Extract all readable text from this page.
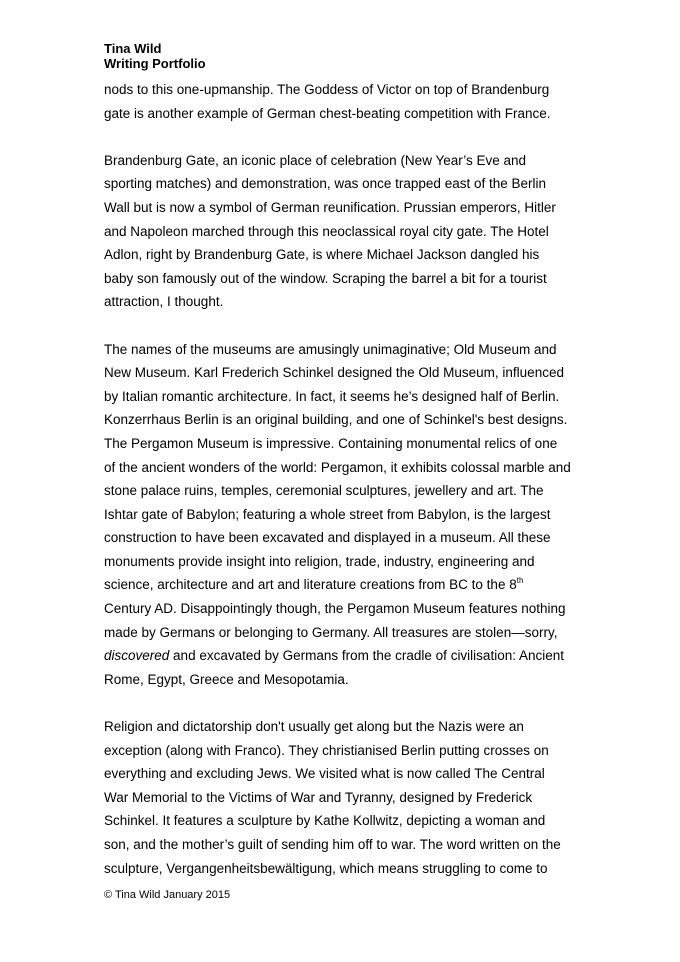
Tina Wild
Writing Portfolio
nods to this one-upmanship. The Goddess of Victor on top of Brandenburg
gate is another example of German chest-beating competition with France.
Brandenburg Gate, an iconic place of celebration (New Year’s Eve and
sporting matches) and demonstration, was once trapped east of the Berlin
Wall but is now a symbol of German reunification. Prussian emperors, Hitler
and Napoleon marched through this neoclassical royal city gate. The Hotel
Adlon, right by Brandenburg Gate, is where Michael Jackson dangled his
baby son famously out of the window. Scraping the barrel a bit for a tourist
attraction, I thought.
The names of the museums are amusingly unimaginative; Old Museum and
New Museum. Karl Frederich Schinkel designed the Old Museum, influenced
by Italian romantic architecture. In fact, it seems he’s designed half of Berlin.
Konzerrhaus Berlin is an original building, and one of Schinkel's best designs.
The Pergamon Museum is impressive. Containing monumental relics of one
of the ancient wonders of the world: Pergamon, it exhibits colossal marble and
stone palace ruins, temples, ceremonial sculptures, jewellery and art. The
Ishtar gate of Babylon; featuring a whole street from Babylon, is the largest
construction to have been excavated and displayed in a museum. All these
monuments provide insight into religion, trade, industry, engineering and
science, architecture and art and literature creations from BC to the 8th
Century AD. Disappointingly though, the Pergamon Museum features nothing
made by Germans or belonging to Germany. All treasures are stolen—sorry,
discovered and excavated by Germans from the cradle of civilisation: Ancient
Rome, Egypt, Greece and Mesopotamia.
Religion and dictatorship don't usually get along but the Nazis were an
exception (along with Franco). They christianised Berlin putting crosses on
everything and excluding Jews. We visited what is now called The Central
War Memorial to the Victims of War and Tyranny, designed by Frederick
Schinkel. It features a sculpture by Kathe Kollwitz, depicting a woman and
son, and the mother’s guilt of sending him off to war. The word written on the
sculpture, Vergangenheitsbewältigung, which means struggling to come to
© Tina Wild January 2015
